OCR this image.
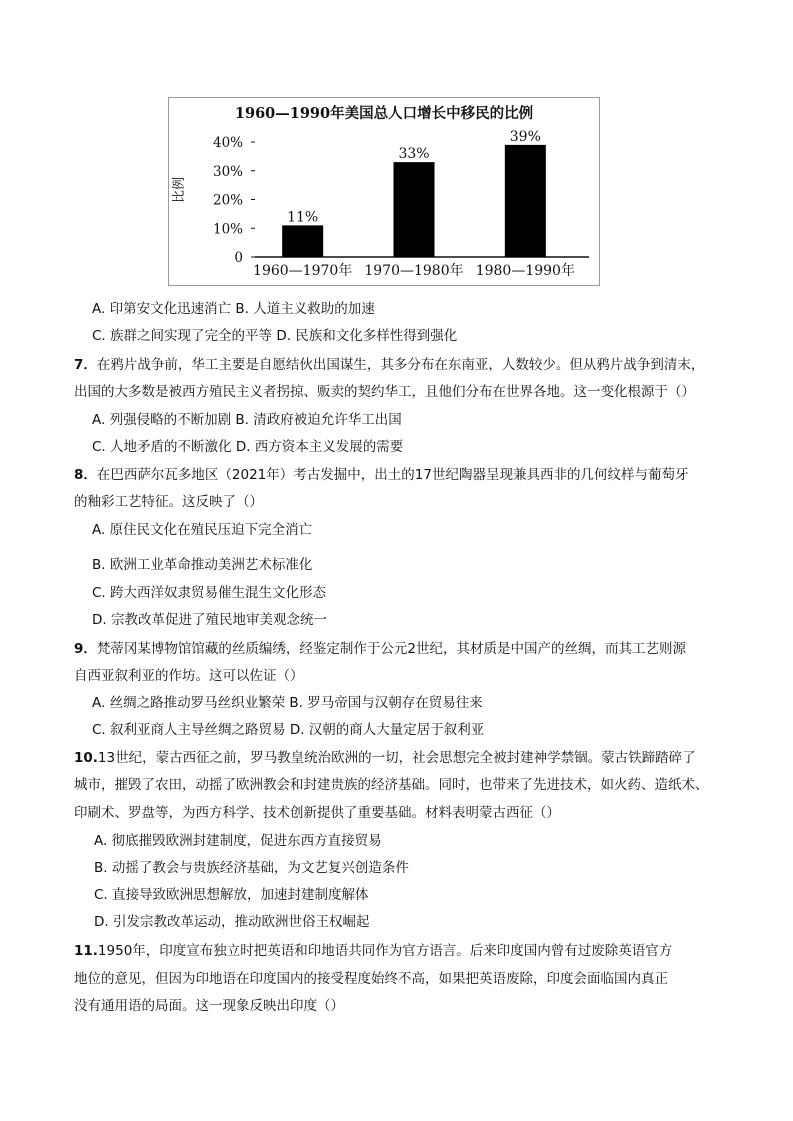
1960—1990年美国总人口增长中移民的比例
比例
0
10%
20%
30%
40%
11%
1960—1970年
33%
1970—1980年
39%
1980—1990年
A. 印第安文化迅速消亡 B. 人道主义救助的加速
C. 族群之间实现了完全的平等 D. 民族和文化多样性得到强化
7．在鸦片战争前，华工主要是自愿结伙出国谋生，其多分布在东南亚，人数较少。但从鸦片战争到清末，
出国的大多数是被西方殖民主义者拐掠、贩卖的契约华工，且他们分布在世界各地。这一变化根源于（）
A. 列强侵略的不断加剧 B. 清政府被迫允许华工出国
C. 人地矛盾的不断激化 D. 西方资本主义发展的需要
8．在巴西萨尔瓦多地区（2021年）考古发掘中，出土的17世纪陶器呈现兼具西非的几何纹样与葡萄牙
的釉彩工艺特征。这反映了（）
A. 原住民文化在殖民压迫下完全消亡
B. 欧洲工业革命推动美洲艺术标准化
C. 跨大西洋奴隶贸易催生混生文化形态
D. 宗教改革促进了殖民地审美观念统一
9．梵蒂冈某博物馆馆藏的丝质编绣，经鉴定制作于公元2世纪，其材质是中国产的丝绸，而其工艺则源
自西亚叙利亚的作坊。这可以佐证（）
A. 丝绸之路推动罗马丝织业繁荣 B. 罗马帝国与汉朝存在贸易往来
C. 叙利亚商人主导丝绸之路贸易 D. 汉朝的商人大量定居于叙利亚
10.13世纪，蒙古西征之前，罗马教皇统治欧洲的一切，社会思想完全被封建神学禁锢。蒙古铁蹄踏碎了
城市，摧毁了农田，动摇了欧洲教会和封建贵族的经济基础。同时，也带来了先进技术，如火药、造纸术、
印刷术、罗盘等，为西方科学、技术创新提供了重要基础。材料表明蒙古西征（）
A. 彻底摧毁欧洲封建制度，促进东西方直接贸易
B. 动摇了教会与贵族经济基础，为文艺复兴创造条件
C. 直接导致欧洲思想解放，加速封建制度解体
D. 引发宗教改革运动，推动欧洲世俗王权崛起
11.1950年，印度宣布独立时把英语和印地语共同作为官方语言。后来印度国内曾有过废除英语官方
地位的意见，但因为印地语在印度国内的接受程度始终不高，如果把英语废除，印度会面临国内真正
没有通用语的局面。这一现象反映出印度（）
